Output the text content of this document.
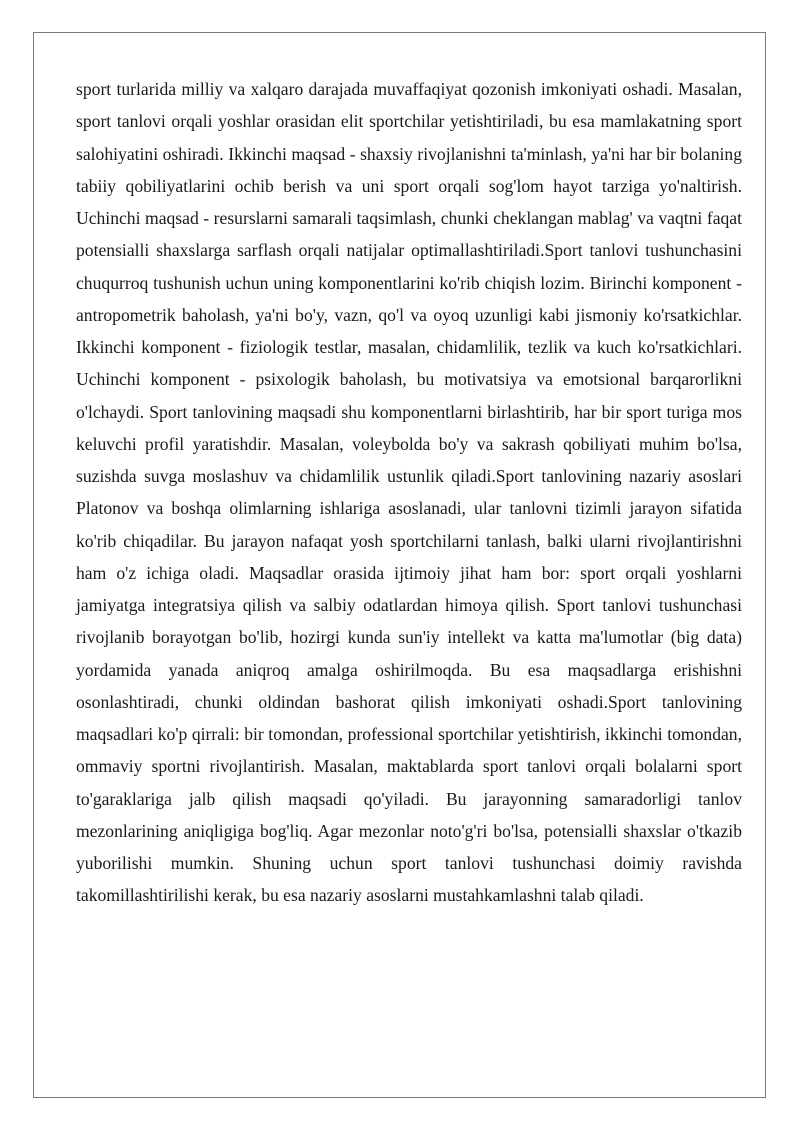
sport turlarida milliy va xalqaro darajada muvaffaqiyat qozonish imkoniyati oshadi. Masalan, sport tanlovi orqali yoshlar orasidan elit sportchilar yetishtiriladi, bu esa mamlakatning sport salohiyatini oshiradi. Ikkinchi maqsad - shaxsiy rivojlanishni ta'minlash, ya'ni har bir bolaning tabiiy qobiliyatlarini ochib berish va uni sport orqali sog'lom hayot tarziga yo'naltirish. Uchinchi maqsad - resurslarni samarali taqsimlash, chunki cheklangan mablag' va vaqtni faqat potensialli shaxslarga sarflash orqali natijalar optimallashtiriladi.Sport tanlovi tushunchasini chuqurroq tushunish uchun uning komponentlarini ko'rib chiqish lozim. Birinchi komponent - antropometrik baholash, ya'ni bo'y, vazn, qo'l va oyoq uzunligi kabi jismoniy ko'rsatkichlar. Ikkinchi komponent - fiziologik testlar, masalan, chidamlilik, tezlik va kuch ko'rsatkichlari. Uchinchi komponent - psixologik baholash, bu motivatsiya va emotsional barqarorlikni o'lchaydi. Sport tanlovining maqsadi shu komponentlarni birlashtirib, har bir sport turiga mos keluvchi profil yaratishdir. Masalan, voleybolda bo'y va sakrash qobiliyati muhim bo'lsa, suzishda suvga moslashuv va chidamlilik ustunlik qiladi.Sport tanlovining nazariy asoslari Platonov va boshqa olimlarning ishlariga asoslanadi, ular tanlovni tizimli jarayon sifatida ko'rib chiqadilar. Bu jarayon nafaqat yosh sportchilarni tanlash, balki ularni rivojlantirishni ham o'z ichiga oladi. Maqsadlar orasida ijtimoiy jihat ham bor: sport orqali yoshlarni jamiyatga integratsiya qilish va salbiy odatlardan himoya qilish. Sport tanlovi tushunchasi rivojlanib borayotgan bo'lib, hozirgi kunda sun'iy intellekt va katta ma'lumotlar (big data) yordamida yanada aniqroq amalga oshirilmoqda. Bu esa maqsadlarga erishishni osonlashtiradi, chunki oldindan bashorat qilish imkoniyati oshadi.Sport tanlovining maqsadlari ko'p qirrali: bir tomondan, professional sportchilar yetishtirish, ikkinchi tomondan, ommaviy sportni rivojlantirish. Masalan, maktablarda sport tanlovi orqali bolalarni sport to'garaklariga jalb qilish maqsadi qo'yiladi. Bu jarayonning samaradorligi tanlov mezonlarining aniqligiga bog'liq. Agar mezonlar noto'g'ri bo'lsa, potensialli shaxslar o'tkazib yuborilishi mumkin. Shuning uchun sport tanlovi tushunchasi doimiy ravishda takomillashtirilishi kerak, bu esa nazariy asoslarni mustahkamlashni talab qiladi.
